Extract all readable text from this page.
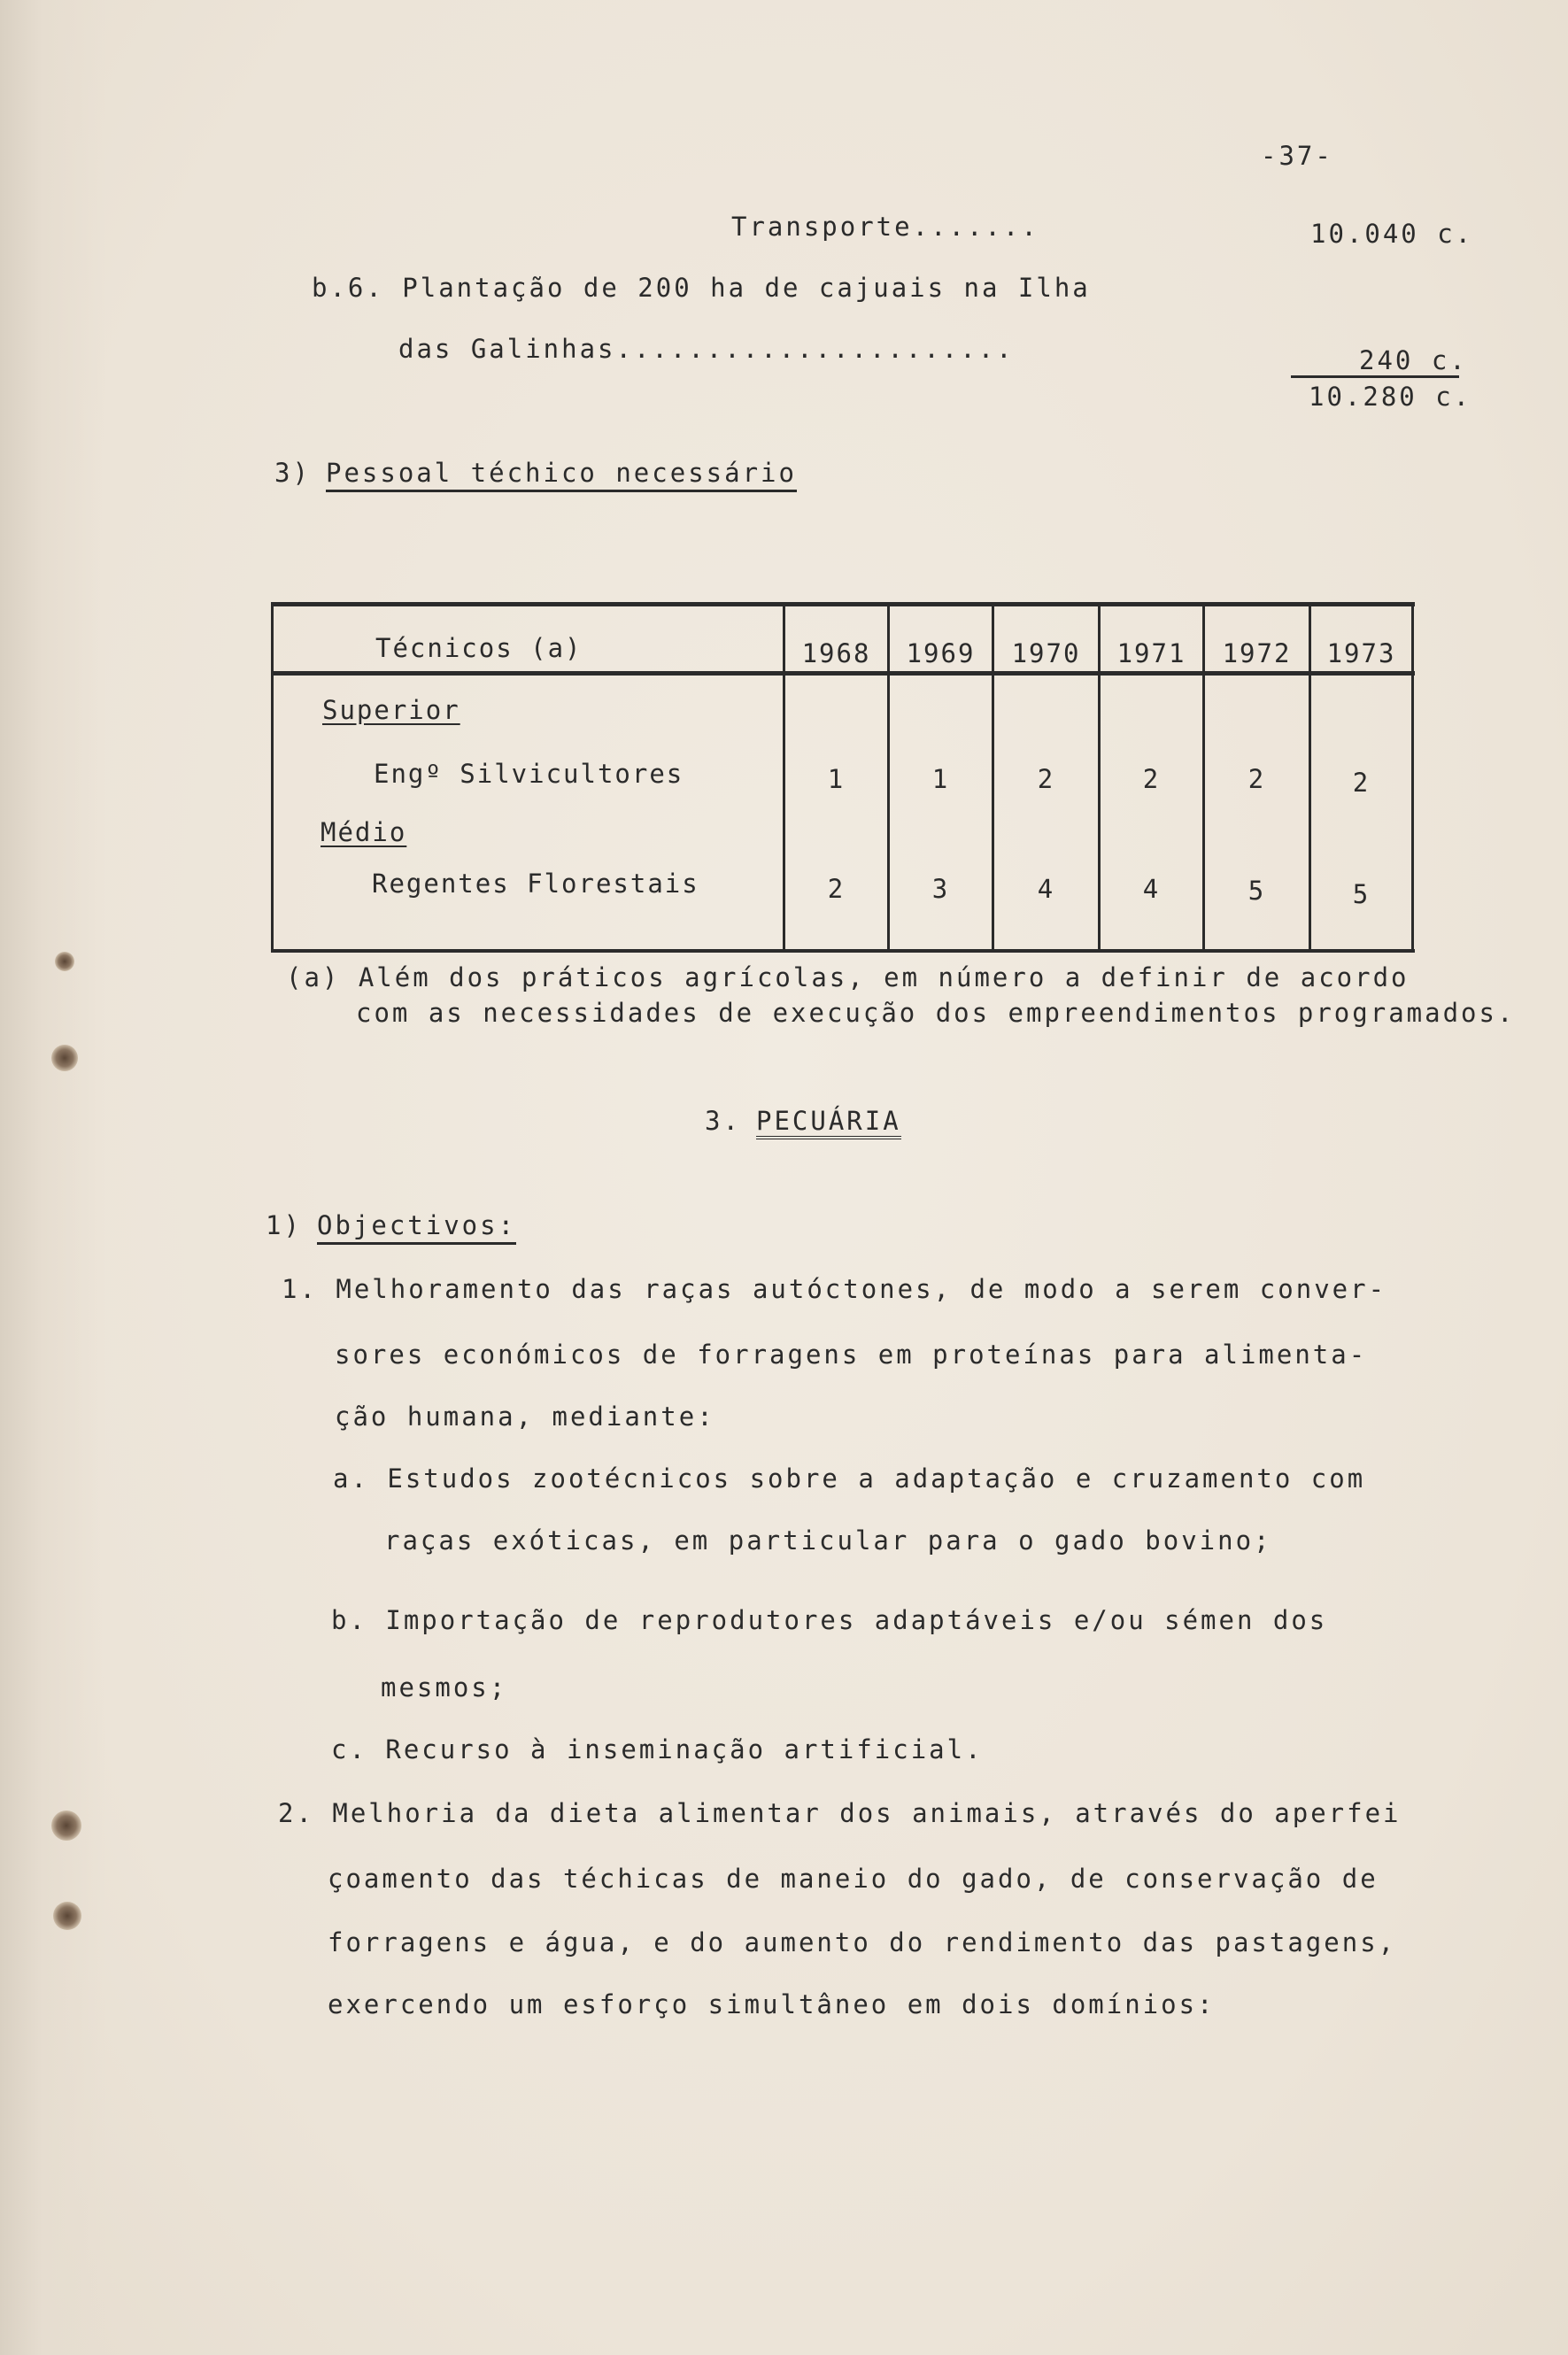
-37-
Transporte.......	10.040 c.
b.6. Plantação de 200 ha de cajuais na Ilha
das Galinhas......................	240 c.
10.280 c.
3) Pessoal téchico necessário
Técnicos (a)	1968	1969	1970	1971	1972	1973
Superior
Engº Silvicultores	1	1	2	2	2	2
Médio
Regentes Florestais	2	3	4	4	5	5
(a) Além dos práticos agrícolas, em número a definir de acordo
com as necessidades de execução dos empreendimentos programados.
3. PECUÁRIA
1) Objectivos:
1. Melhoramento das raças autóctones, de modo a serem conver-
sores económicos de forragens em proteínas para alimenta-
ção humana, mediante:
a. Estudos zootécnicos sobre a adaptação e cruzamento com
raças exóticas, em particular para o gado bovino;
b. Importação de reprodutores adaptáveis e/ou sémen dos
mesmos;
c. Recurso à inseminação artificial.
2. Melhoria da dieta alimentar dos animais, através do aperfei
çoamento das téchicas de maneio do gado, de conservação de
forragens e água, e do aumento do rendimento das pastagens,
exercendo um esforço simultâneo em dois domínios:
